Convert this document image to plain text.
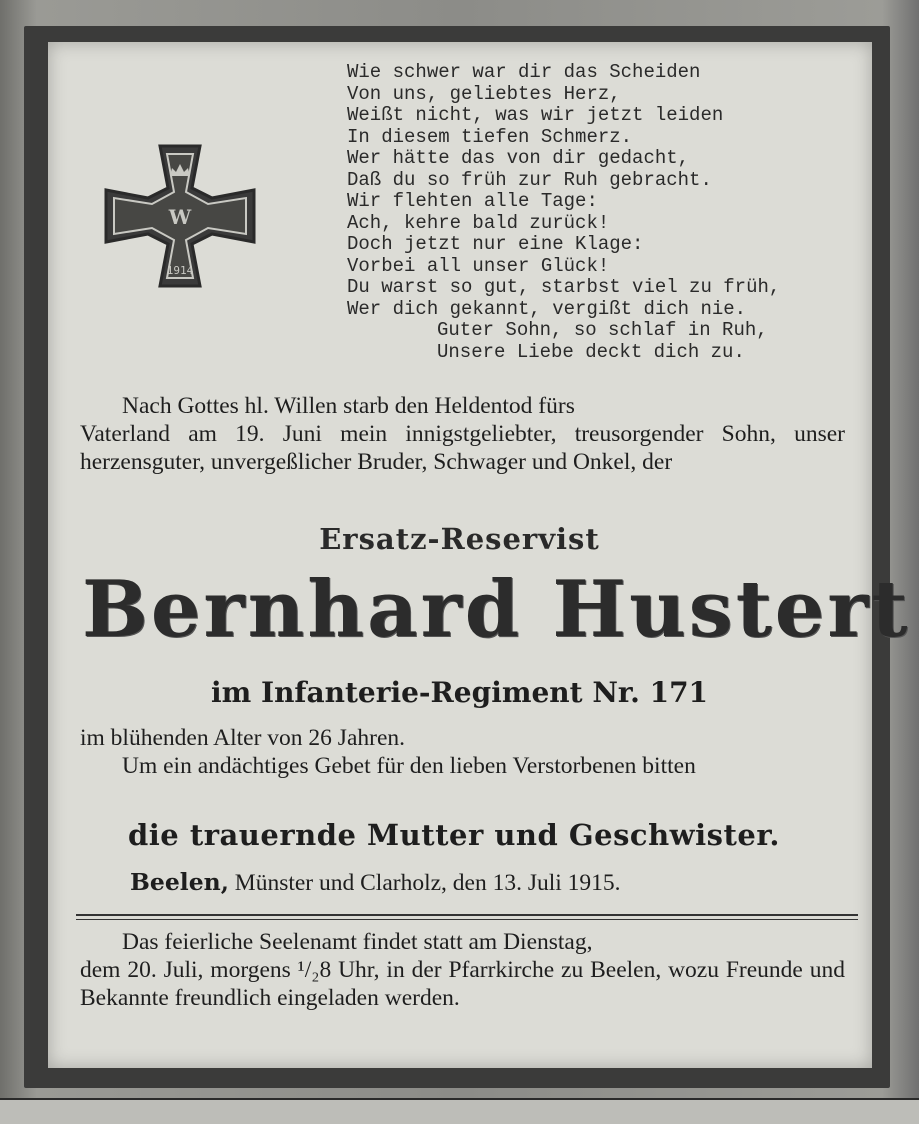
W
1914
Wie schwer war dir das Scheiden
Von uns, geliebtes Herz,
Weißt nicht, was wir jetzt leiden
In diesem tiefen Schmerz.
Wer hätte das von dir gedacht,
Daß du so früh zur Ruh gebracht.
Wir flehten alle Tage:
Ach, kehre bald zurück!
Doch jetzt nur eine Klage:
Vorbei all unser Glück!
Du warst so gut, starbst viel zu früh,
Wer dich gekannt, vergißt dich nie.
Guter Sohn, so schlaf in Ruh,
Unsere Liebe deckt dich zu.
Nach Gottes hl. Willen starb den Heldentod fürs
Vaterland am 19. Juni mein innigstgeliebter, treusorgender Sohn, unser herzensguter, unvergeßlicher Bruder, Schwager und Onkel, der
Ersatz-Reservist
Bernhard Hustert
im Infanterie-Regiment Nr. 171
im blühenden Alter von 26 Jahren.
Um ein andächtiges Gebet für den lieben Verstorbenen bitten
die trauernde Mutter und Geschwister.
Beelen, Münster und Clarholz, den 13. Juli 1915.
Das feierliche Seelenamt findet statt am Dienstag,
dem 20. Juli, morgens ¹/₂8 Uhr, in der Pfarrkirche zu Beelen, wozu Freunde und Bekannte freundlich eingeladen werden.
